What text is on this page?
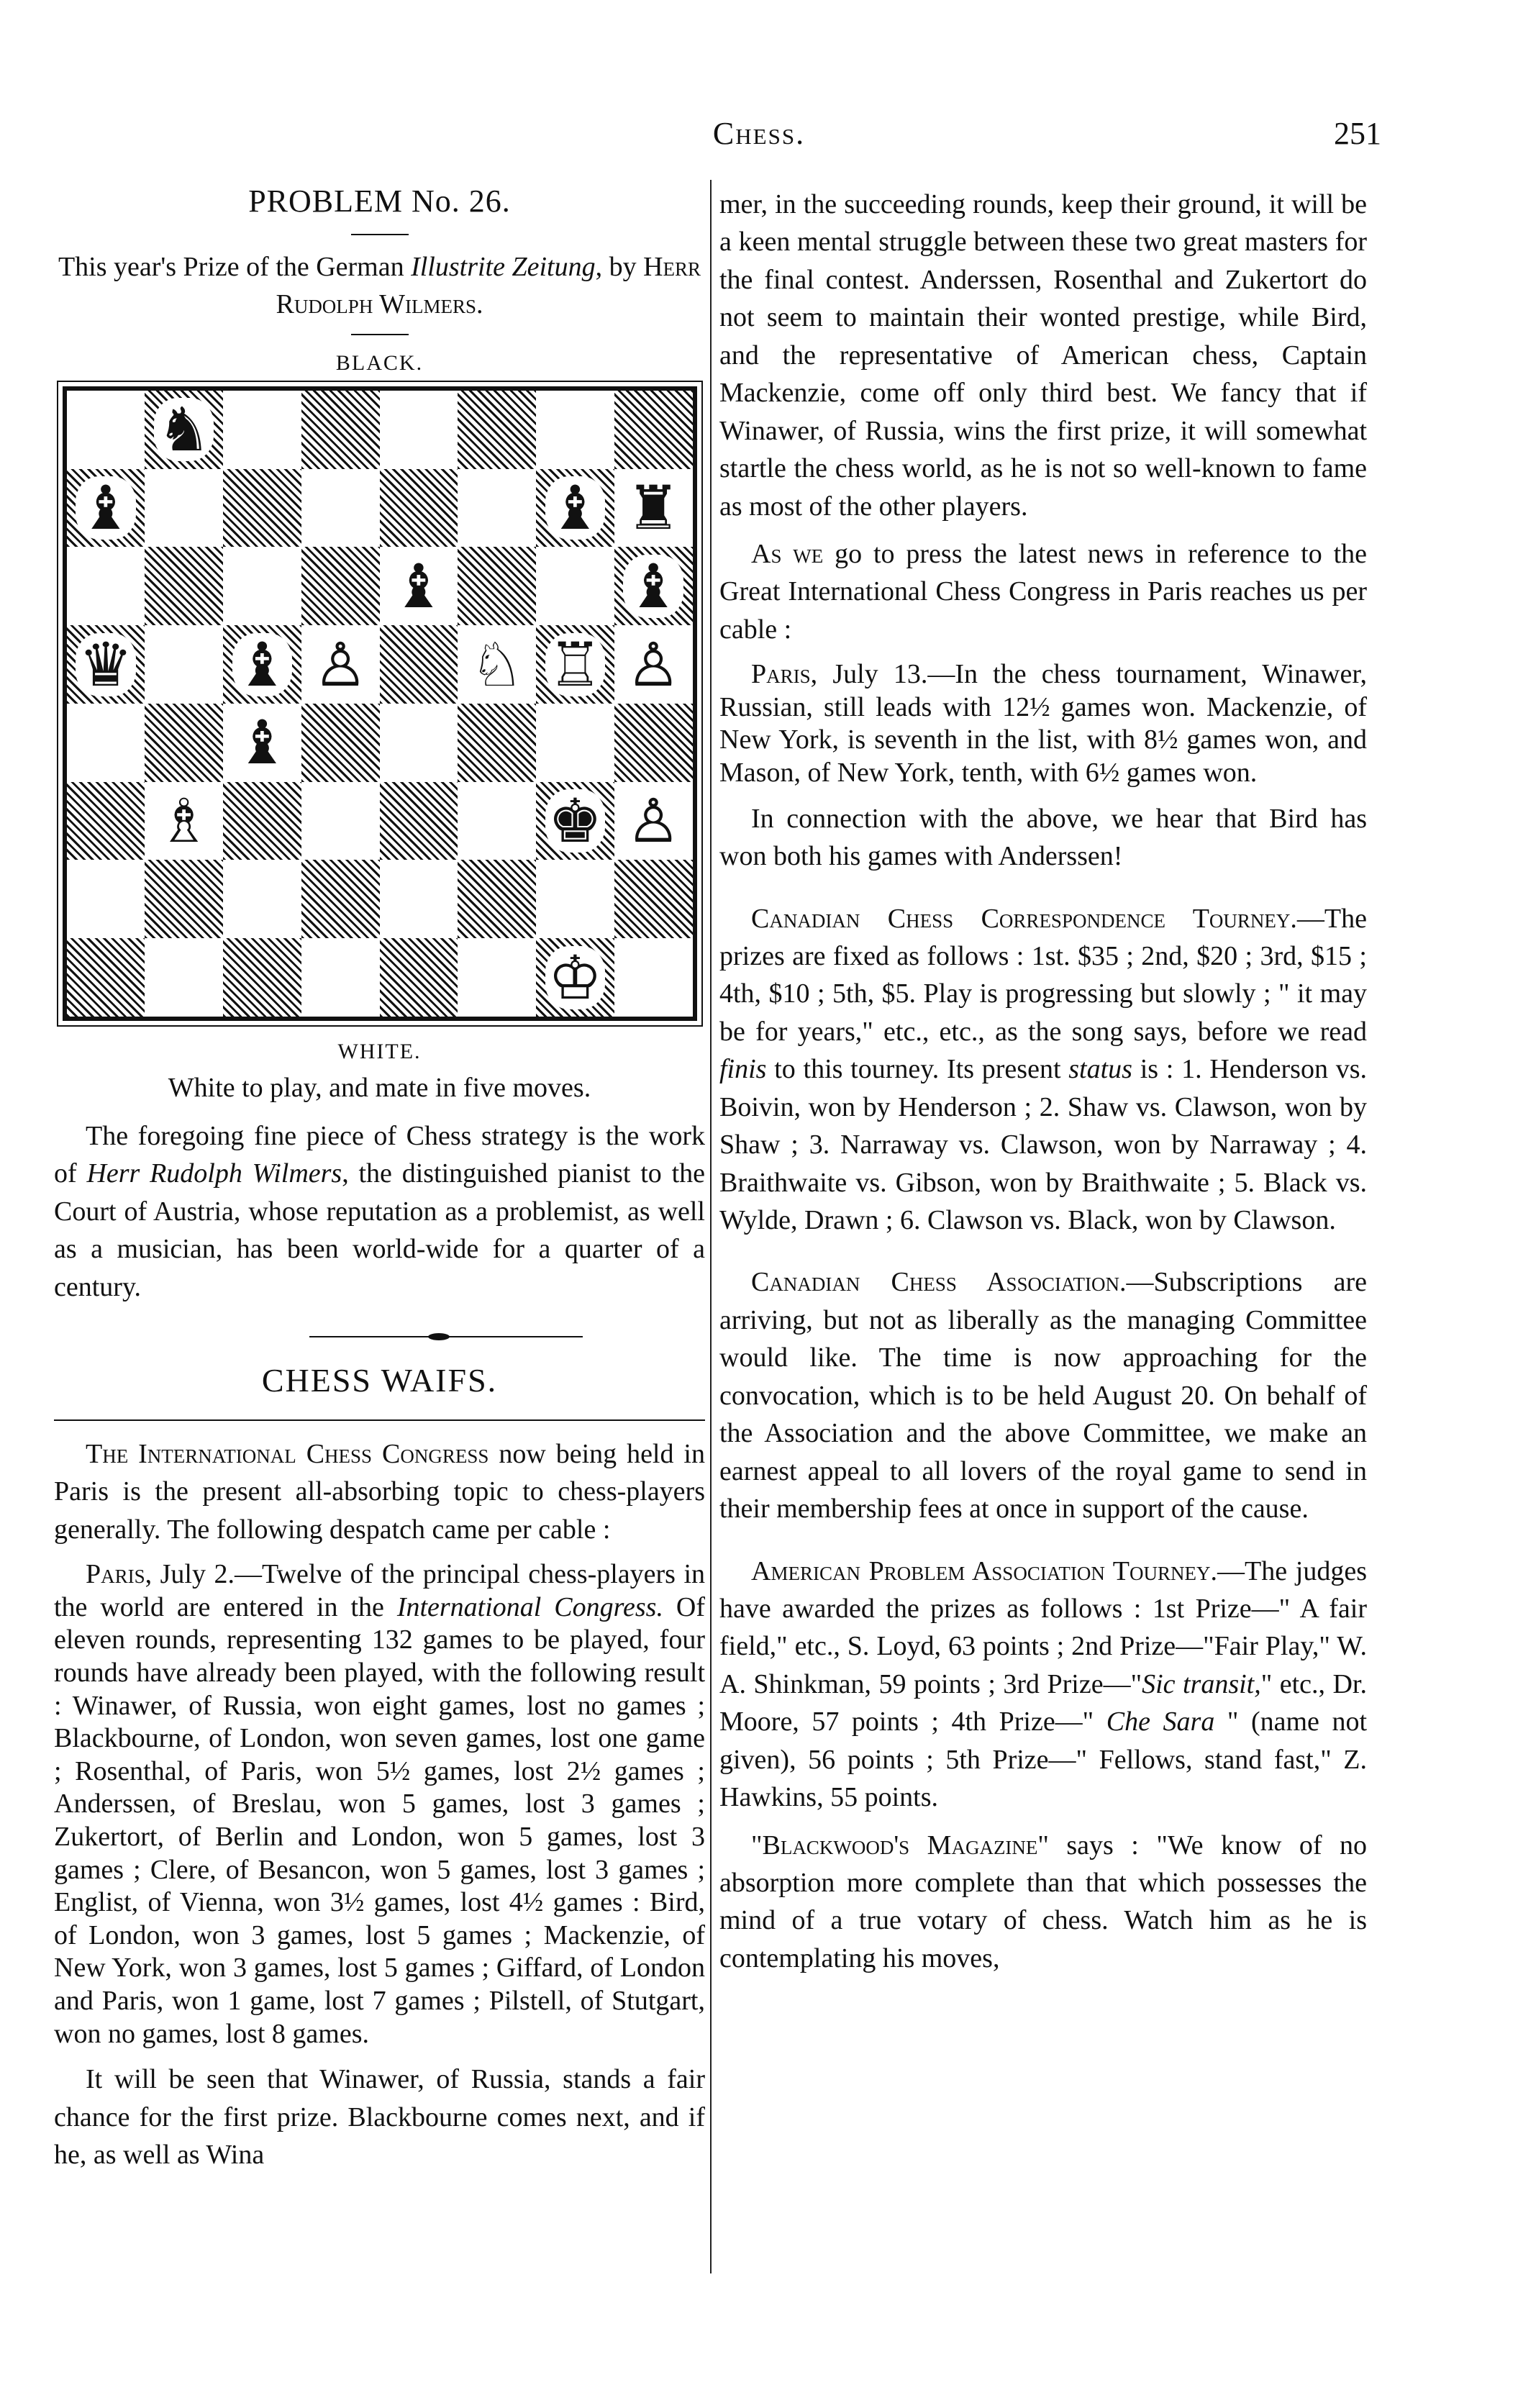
Chess.	251
PROBLEM No. 26.

This year's Prize of the German Illustrite Zeitung, by Herr Rudolph Wilmers.

BLACK.
♞
♝	♝ ♜
♝	♝
♛ ♝ ♙ ♘ ♖ ♙
♝
♗	♚ ♙
♔
WHITE.

White to play, and mate in five moves.

The foregoing fine piece of Chess strategy is the work of Herr Rudolph Wilmers, the distinguished pianist to the Court of Austria, whose reputation as a problemist, as well as a musician, has been world-wide for a quarter of a century.

CHESS WAIFS.

The International Chess Congress now being held in Paris is the present all-absorbing topic to chess-players generally. The following despatch came per cable :

Paris, July 2.—Twelve of the principal chess-players in the world are entered in the International Congress. Of eleven rounds, representing 132 games to be played, four rounds have already been played, with the following result : Winawer, of Russia, won eight games, lost no games ; Blackbourne, of London, won seven games, lost one game ; Rosenthal, of Paris, won 5½ games, lost 2½ games ; Anderssen, of Breslau, won 5 games, lost 3 games ; Zukertort, of Berlin and London, won 5 games, lost 3 games ; Clere, of Besancon, won 5 games, lost 3 games ; Englist, of Vienna, won 3½ games, lost 4½ games : Bird, of London, won 3 games, lost 5 games ; Mackenzie, of New York, won 3 games, lost 5 games ; Giffard, of London and Paris, won 1 game, lost 7 games ; Pilstell, of Stutgart, won no games, lost 8 games.

It will be seen that Winawer, of Russia, stands a fair chance for the first prize. Blackbourne comes next, and if he, as well as Wina

mer, in the succeeding rounds, keep their ground, it will be a keen mental struggle between these two great masters for the final contest. Anderssen, Rosenthal and Zukertort do not seem to maintain their wonted prestige, while Bird, and the representative of American chess, Captain Mackenzie, come off only third best. We fancy that if Winawer, of Russia, wins the first prize, it will somewhat startle the chess world, as he is not so well-known to fame as most of the other players.

As we go to press the latest news in reference to the Great International Chess Congress in Paris reaches us per cable :

Paris, July 13.—In the chess tournament, Winawer, Russian, still leads with 12½ games won. Mackenzie, of New York, is seventh in the list, with 8½ games won, and Mason, of New York, tenth, with 6½ games won.

In connection with the above, we hear that Bird has won both his games with Anderssen!

Canadian Chess Correspondence Tourney.—The prizes are fixed as follows : 1st. $35 ; 2nd, $20 ; 3rd, $15 ; 4th, $10 ; 5th, $5. Play is progressing but slowly ; " it may be for years," etc., etc., as the song says, before we read finis to this tourney. Its present status is : 1. Henderson vs. Boivin, won by Henderson ; 2. Shaw vs. Clawson, won by Shaw ; 3. Narraway vs. Clawson, won by Narraway ; 4. Braithwaite vs. Gibson, won by Braithwaite ; 5. Black vs. Wylde, Drawn ; 6. Clawson vs. Black, won by Clawson.

Canadian Chess Association.—Subscriptions are arriving, but not as liberally as the managing Committee would like. The time is now approaching for the convocation, which is to be held August 20. On behalf of the Association and the above Committee, we make an earnest appeal to all lovers of the royal game to send in their membership fees at once in support of the cause.

American Problem Association Tourney.—The judges have awarded the prizes as follows : 1st Prize—" A fair field," etc., S. Loyd, 63 points ; 2nd Prize—"Fair Play," W. A. Shinkman, 59 points ; 3rd Prize—"Sic transit," etc., Dr. Moore, 57 points ; 4th Prize—" Che Sara " (name not given), 56 points ; 5th Prize—" Fellows, stand fast," Z. Hawkins, 55 points.

"Blackwood's Magazine" says : "We know of no absorption more complete than that which possesses the mind of a true votary of chess. Watch him as he is contemplating his moves,
